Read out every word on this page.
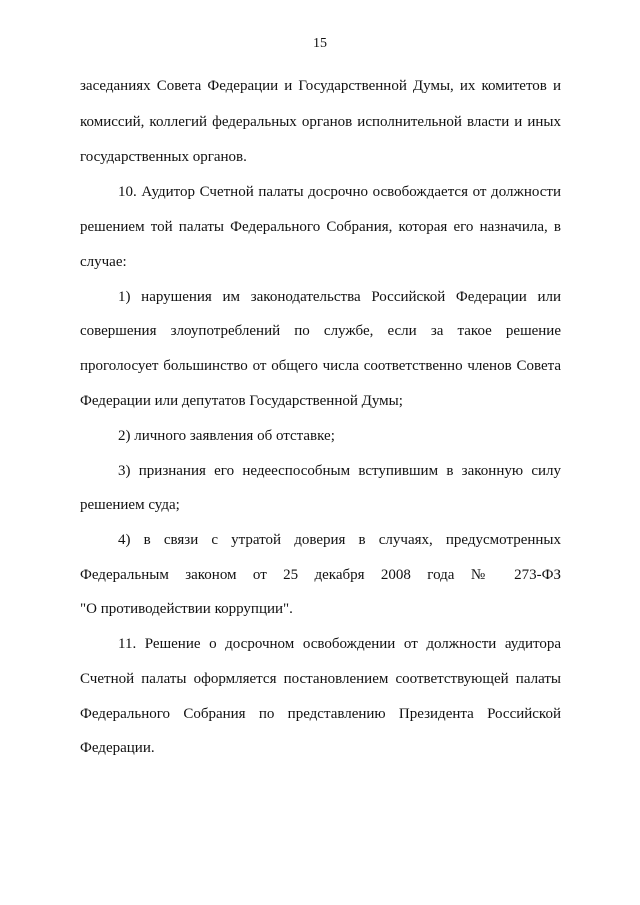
15
заседаниях Совета Федерации и Государственной Думы, их комитетов и
комиссий, коллегий федеральных органов исполнительной власти и иных
государственных органов.
10. Аудитор Счетной палаты досрочно освобождается от должности
решением той палаты Федерального Собрания, которая его назначила, в
случае:
1) нарушения им законодательства Российской Федерации или
совершения злоупотреблений по службе, если за такое решение
проголосует большинство от общего числа соответственно членов Совета
Федерации или депутатов Государственной Думы;
2) личного заявления об отставке;
3) признания его недееспособным вступившим в законную силу
решением суда;
4) в связи с утратой доверия в случаях, предусмотренных
Федеральным законом от 25 декабря 2008 года № 273-ФЗ
"О противодействии коррупции".
11. Решение о досрочном освобождении от должности аудитора
Счетной палаты оформляется постановлением соответствующей палаты
Федерального Собрания по представлению Президента Российской
Федерации.
